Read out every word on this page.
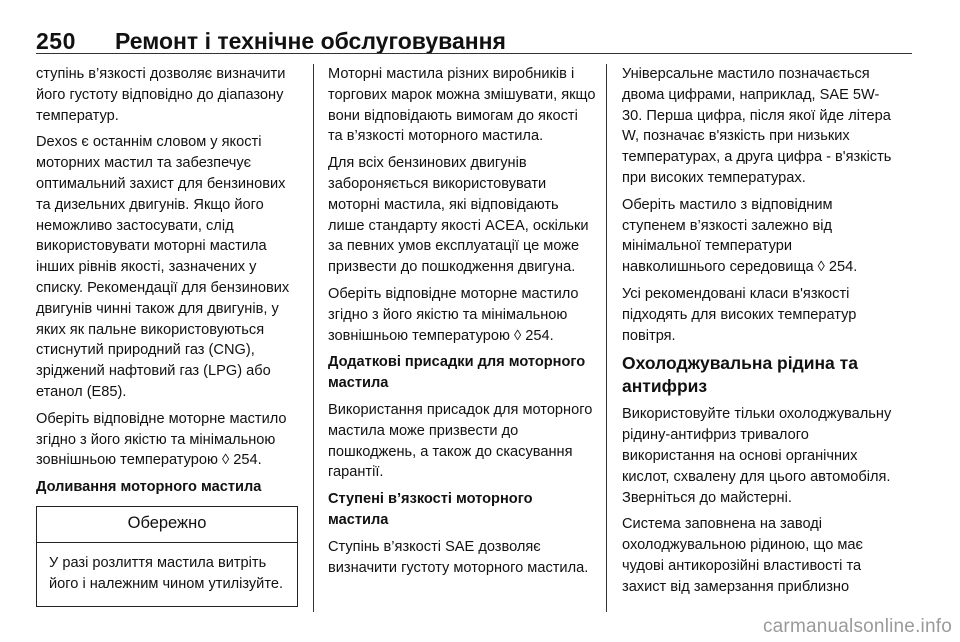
250 Ремонт і технічне обслуговування

ступінь в’язкості дозволяє визначити його густоту відповідно до діапазону температур.

Dexos є останнім словом у якості моторних мастил та забезпечує оптимальний захист для бензинових та дизельних двигунів. Якщо його неможливо застосувати, слід використовувати моторні мастила інших рівнів якості, зазначених у списку. Рекомендації для бензинових двигунів чинні також для двигунів, у яких як пальне використовуються стиснутий природний газ (CNG), зріджений нафтовий газ (LPG) або етанол (E85).

Оберіть відповідне моторне мастило згідно з його якістю та мінімальною зовнішньою температурою ◊ 254.

Доливання моторного мастила

Обережно
У разі розлиття мастила витріть його і належним чином утилізуйте.

Моторні мастила різних виробників і торгових марок можна змішувати, якщо вони відповідають вимогам до якості та в’язкості моторного мастила.

Для всіх бензинових двигунів забороняється використовувати моторні мастила, які відповідають лише стандарту якості ACEA, оскільки за певних умов експлуатації це може призвести до пошкодження двигуна.

Оберіть відповідне моторне мастило згідно з його якістю та мінімальною зовнішньою температурою ◊ 254.

Додаткові присадки для моторного мастила

Використання присадок для моторного мастила може призвести до пошкоджень, а також до скасування гарантії.

Ступені в’язкості моторного мастила

Ступінь в’язкості SAE дозволяє визначити густоту моторного мастила.

Універсальне мастило позначається двома цифрами, наприклад, SAE 5W-30. Перша цифра, після якої йде літера W, позначає в'язкість при низьких температурах, а друга цифра - в'язкість при високих температурах.

Оберіть мастило з відповідним ступенем в’язкості залежно від мінімальної температури навколишнього середовища ◊ 254.

Усі рекомендовані класи в'язкості підходять для високих температур повітря.

Охолоджувальна рідина та антифриз

Використовуйте тільки охолоджувальну рідину-антифриз тривалого використання на основі органічних кислот, схвалену для цього автомобіля. Зверніться до майстерні.

Система заповнена на заводі охолоджувальною рідиною, що має чудові антикорозійні властивості та захист від замерзання приблизно

carmanualsonline.info
